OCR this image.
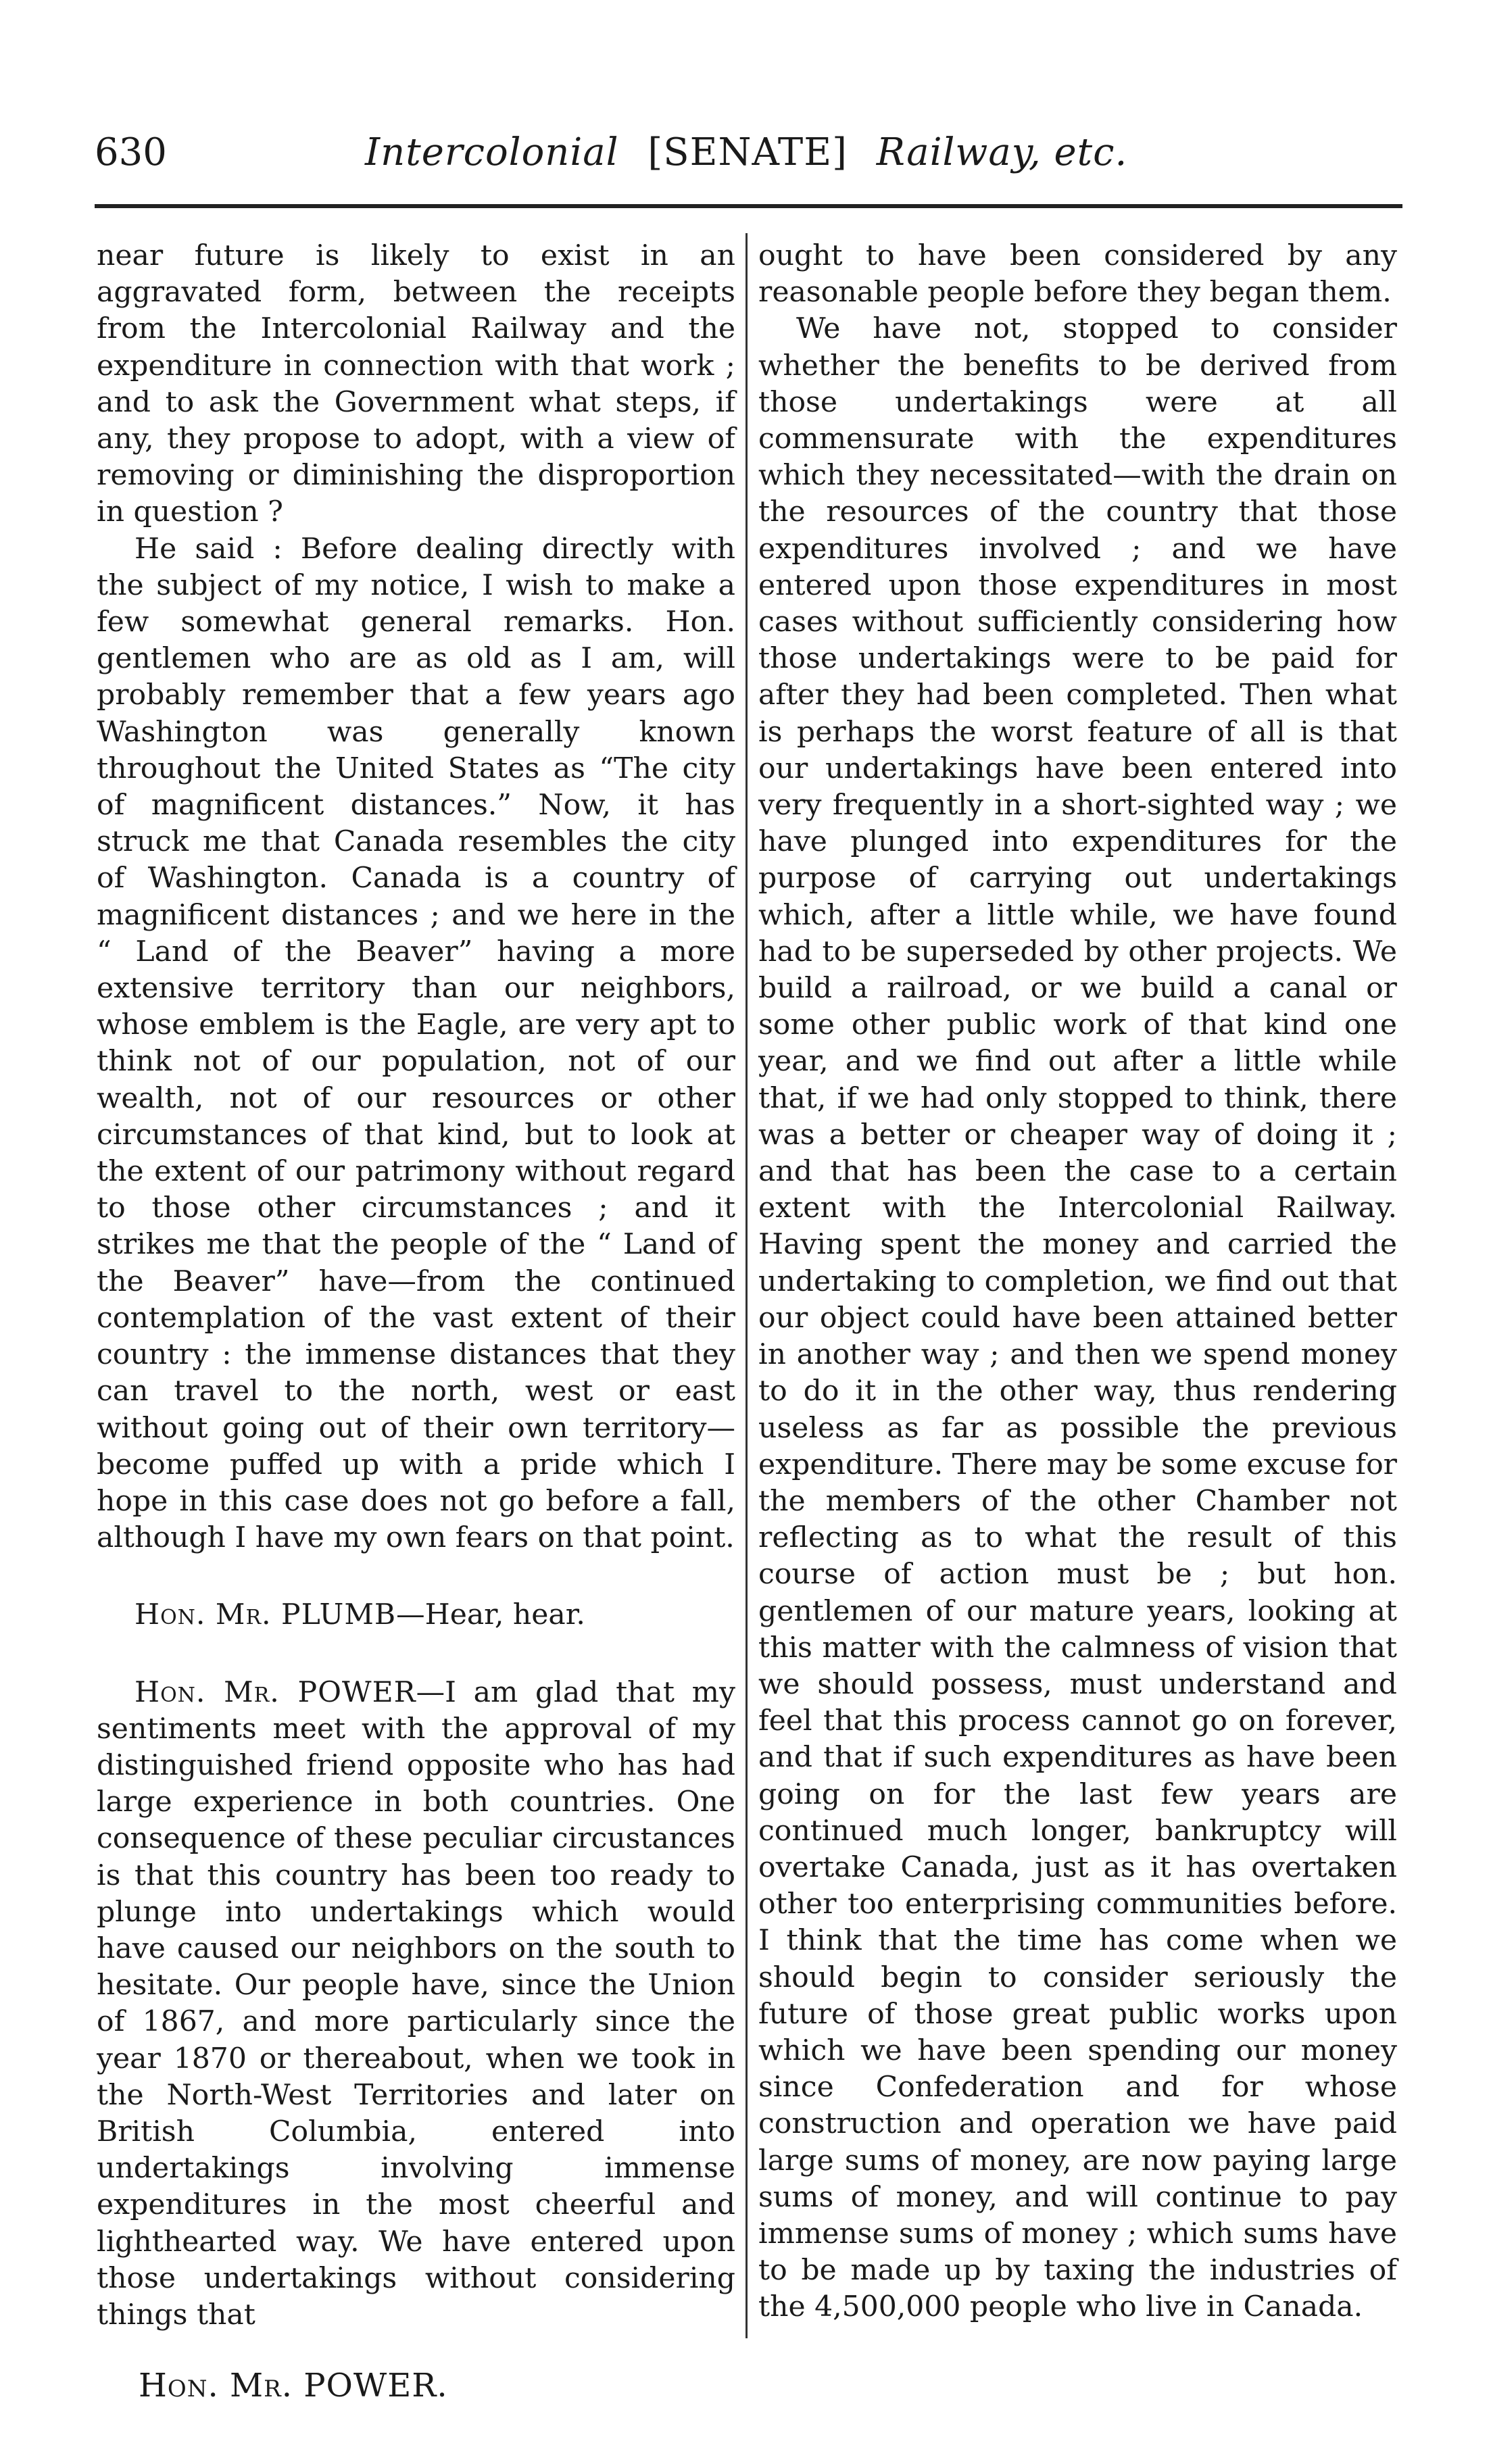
630	Intercolonial [SENATE] Railway, etc.

near future is likely to exist in an aggravated form, between the receipts from the Intercolonial Railway and the expenditure in connection with that work ; and to ask the Government what steps, if any, they propose to adopt, with a view of removing or diminishing the disproportion in question ?

He said : Before dealing directly with the subject of my notice, I wish to make a few somewhat general remarks. Hon. gentlemen who are as old as I am, will probably remember that a few years ago Washington was generally known throughout the United States as “The city of magnificent distances.” Now, it has struck me that Canada resembles the city of Washington. Canada is a country of magnificent distances ; and we here in the “ Land of the Beaver” having a more extensive territory than our neighbors, whose emblem is the Eagle, are very apt to think not of our population, not of our wealth, not of our resources or other circumstances of that kind, but to look at the extent of our patrimony without regard to those other circumstances ; and it strikes me that the people of the “ Land of the Beaver” have—from the continued contemplation of the vast extent of their country : the immense distances that they can travel to the north, west or east without going out of their own territory—become puffed up with a pride which I hope in this case does not go before a fall, although I have my own fears on that point.

Hon. Mr. PLUMB—Hear, hear.

Hon. Mr. POWER—I am glad that my sentiments meet with the approval of my distinguished friend opposite who has had large experience in both countries. One consequence of these peculiar circustances is that this country has been too ready to plunge into undertakings which would have caused our neighbors on the south to hesitate. Our people have, since the Union of 1867, and more particularly since the year 1870 or thereabout, when we took in the North-West Territories and later on British Columbia, entered into undertakings involving immense expenditures in the most cheerful and lighthearted way. We have entered upon those undertakings without considering things that

ought to have been considered by any reasonable people before they began them.

We have not, stopped to consider whether the benefits to be derived from those undertakings were at all commensurate with the expenditures which they necessitated—with the drain on the resources of the country that those expenditures involved ; and we have entered upon those expenditures in most cases without sufficiently considering how those undertakings were to be paid for after they had been completed. Then what is perhaps the worst feature of all is that our undertakings have been entered into very frequently in a short-sighted way ; we have plunged into expenditures for the purpose of carrying out undertakings which, after a little while, we have found had to be superseded by other projects. We build a railroad, or we build a canal or some other public work of that kind one year, and we find out after a little while that, if we had only stopped to think, there was a better or cheaper way of doing it ; and that has been the case to a certain extent with the Intercolonial Railway. Having spent the money and carried the undertaking to completion, we find out that our object could have been attained better in another way ; and then we spend money to do it in the other way, thus rendering useless as far as possible the previous expenditure. There may be some excuse for the members of the other Chamber not reflecting as to what the result of this course of action must be ; but hon. gentlemen of our mature years, looking at this matter with the calmness of vision that we should possess, must understand and feel that this process cannot go on forever, and that if such expenditures as have been going on for the last few years are continued much longer, bankruptcy will overtake Canada, just as it has overtaken other too enterprising communities before. I think that the time has come when we should begin to consider seriously the future of those great public works upon which we have been spending our money since Confederation and for whose construction and operation we have paid large sums of money, are now paying large sums of money, and will continue to pay immense sums of money ; which sums have to be made up by taxing the industries of the 4,500,000 people who live in Canada.

Hon. Mr. POWER.
